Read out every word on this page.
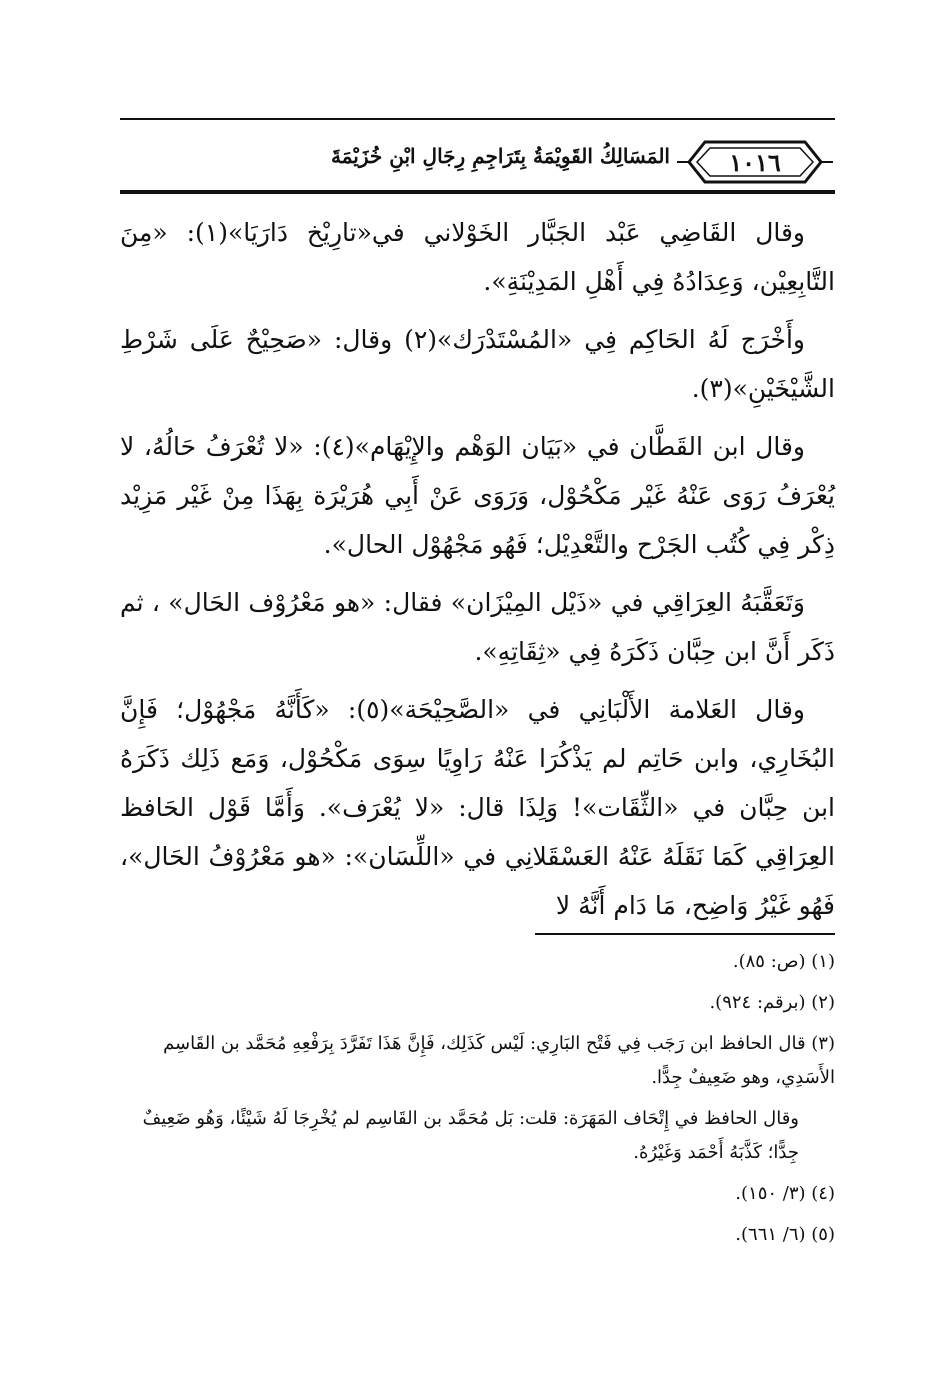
١٠١٦
المَسَالِكُ القَوِيْمَةُ بِتَرَاجِمِ رِجَالِ ابْنِ خُزَيْمَةَ

وقال القَاضِي عَبْد الجَبَّار الخَوْلاني في«تارِيْخ دَارَيَا»(١): «مِنَ التَّابِعِيْن، وَعِدَادُهُ فِي أَهْلِ المَدِيْنَةِ».

وأَخْرَج لَهُ الحَاكِم فِي «المُسْتَدْرَك»(٢) وقال: «صَحِيْحٌ عَلَى شَرْطِ الشَّيْخَيْنِ»(٣).

وقال ابن القَطَّان في «بَيَان الوَهْم والإِيْهَام»(٤): «لا تُعْرَفُ حَالُهُ، لا يُعْرَفُ رَوَى عَنْهُ غَيْر مَكْحُوْل، وَرَوَى عَنْ أَبِي هُرَيْرَة بِهَذَا مِنْ غَيْر مَزِيْد ذِكْر فِي كُتُب الجَرْح والتَّعْدِيْل؛ فَهُو مَجْهُوْل الحال».

وَتَعَقَّبَهُ العِرَاقِي في «ذَيْل المِيْزَان» فقال: «هو مَعْرُوْف الحَال» ، ثم ذَكَر أَنَّ ابن حِبَّان ذَكَرَهُ فِي «ثِقَاتِهِ».

وقال العَلامة الأَلْبَانِي في «الصَّحِيْحَة»(٥): «كَأَنَّهُ مَجْهُوْل؛ فَإِنَّ البُخَارِي، وابن حَاتِم لم يَذْكُرَا عَنْهُ رَاوِيًا سِوَى مَكْحُوْل، وَمَع ذَلِك ذَكَرَهُ ابن حِبَّان في «الثِّقَات»! وَلِذَا قال: «لا يُعْرَف». وَأَمَّا قَوْل الحَافظ العِرَاقِي كَمَا نَقَلَهُ عَنْهُ العَسْقَلانِي في «اللِّسَان»: «هو مَعْرُوْفُ الحَال»، فَهُو غَيْرُ وَاضِح، مَا دَام أَنَّهُ لا

(١) (ص: ٨٥).

(٢) (برقم: ٩٢٤).

(٣) قال الحافظ ابن رَجَب فِي فَتْح البَارِي: لَيْس كَذَلِك، فَإِنَّ هَذَا تَفَرَّدَ بِرَفْعِهِ مُحَمَّد بن القَاسِم الأَسَدِي، وهو ضَعِيفٌ جِدًّا.

وقال الحافظ في إِتْحَاف المَهَرَة: قلت: بَل مُحَمَّد بن القَاسِم لم يُخْرِجَا لَهُ شَيْئًا، وَهُو ضَعِيفٌ جِدًّا؛ كَذَّبَهُ أَحْمَد وَغَيْرُهُ.

(٤) (٣/ ١٥٠).

(٥) (٦/ ٦٦١).
